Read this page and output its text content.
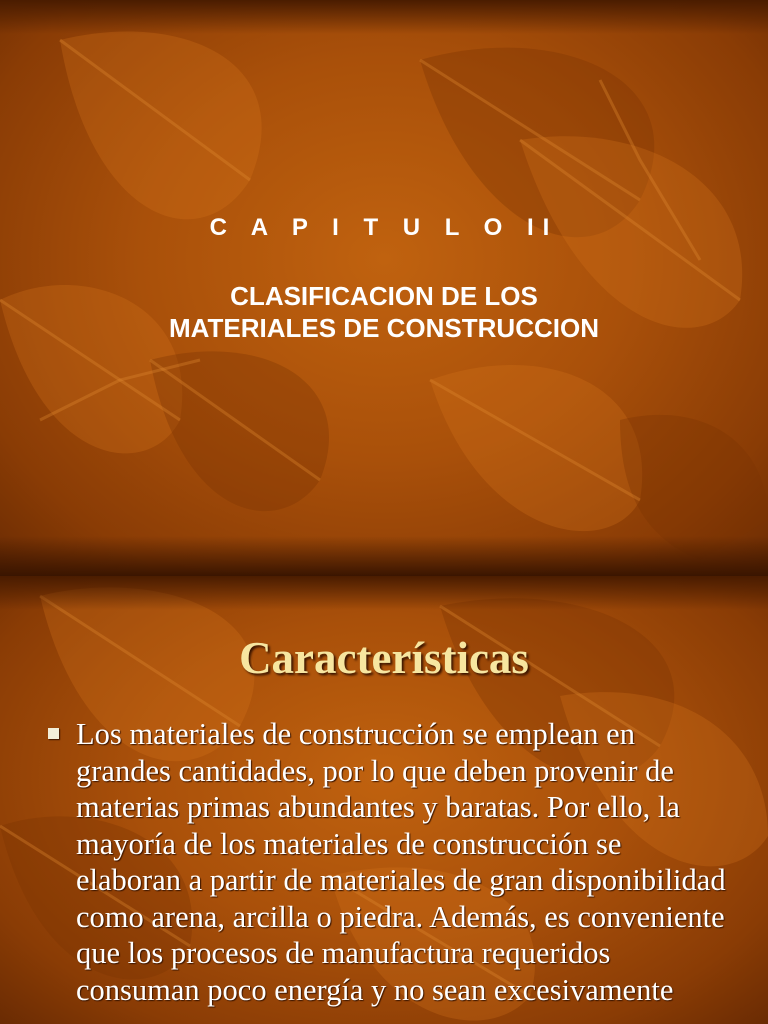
C A P I T U L O II

CLASIFICACION DE LOS
MATERIALES DE CONSTRUCCION

Características

Los materiales de construcción se emplean en grandes cantidades, por lo que deben provenir de materias primas abundantes y baratas. Por ello, la mayoría de los materiales de construcción se elaboran a partir de materiales de gran disponibilidad como arena, arcilla o piedra. Además, es conveniente que los procesos de manufactura requeridos consuman poco energía y no sean excesivamente
